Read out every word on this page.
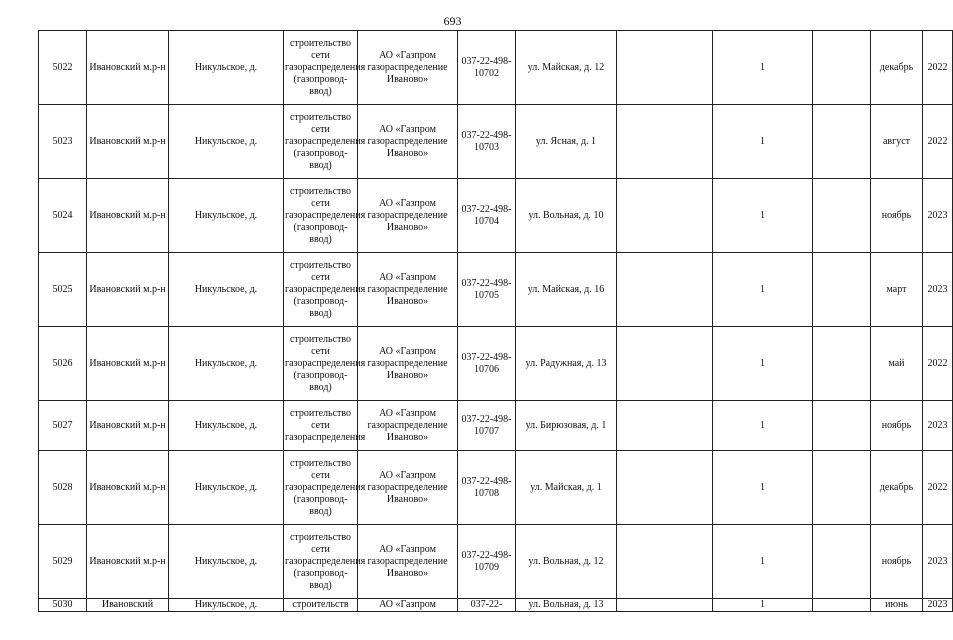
693
5022	Ивановский м.р-н	Никульское, д.	строительство сети газораспределения (газопровод-ввод)	АО «Газпром газораспределение Иваново»	037-22-498-10702	ул. Майская, д. 12		1		декабрь	2022
5023	Ивановский м.р-н	Никульское, д.	строительство сети газораспределения (газопровод-ввод)	АО «Газпром газораспределение Иваново»	037-22-498-10703	ул. Ясная, д. 1		1		август	2022
5024	Ивановский м.р-н	Никульское, д.	строительство сети газораспределения (газопровод-ввод)	АО «Газпром газораспределение Иваново»	037-22-498-10704	ул. Вольная, д. 10		1		ноябрь	2023
5025	Ивановский м.р-н	Никульское, д.	строительство сети газораспределения (газопровод-ввод)	АО «Газпром газораспределение Иваново»	037-22-498-10705	ул. Майская, д. 16		1		март	2023
5026	Ивановский м.р-н	Никульское, д.	строительство сети газораспределения (газопровод-ввод)	АО «Газпром газораспределение Иваново»	037-22-498-10706	ул. Радужная, д. 13		1		май	2022
5027	Ивановский м.р-н	Никульское, д.	строительство сети газораспределения	АО «Газпром газораспределение Иваново»	037-22-498-10707	ул. Бирюзовая, д. 1		1		ноябрь	2023
5028	Ивановский м.р-н	Никульское, д.	строительство сети газораспределения (газопровод-ввод)	АО «Газпром газораспределение Иваново»	037-22-498-10708	ул. Майская, д. 1		1		декабрь	2022
5029	Ивановский м.р-н	Никульское, д.	строительство сети газораспределения (газопровод-ввод)	АО «Газпром газораспределение Иваново»	037-22-498-10709	ул. Вольная, д. 12		1		ноябрь	2023

5030	Ивановский	Никульское, д.	строительств	АО «Газпром	037-22-	ул. Вольная, д. 13		1		июнь	2023
